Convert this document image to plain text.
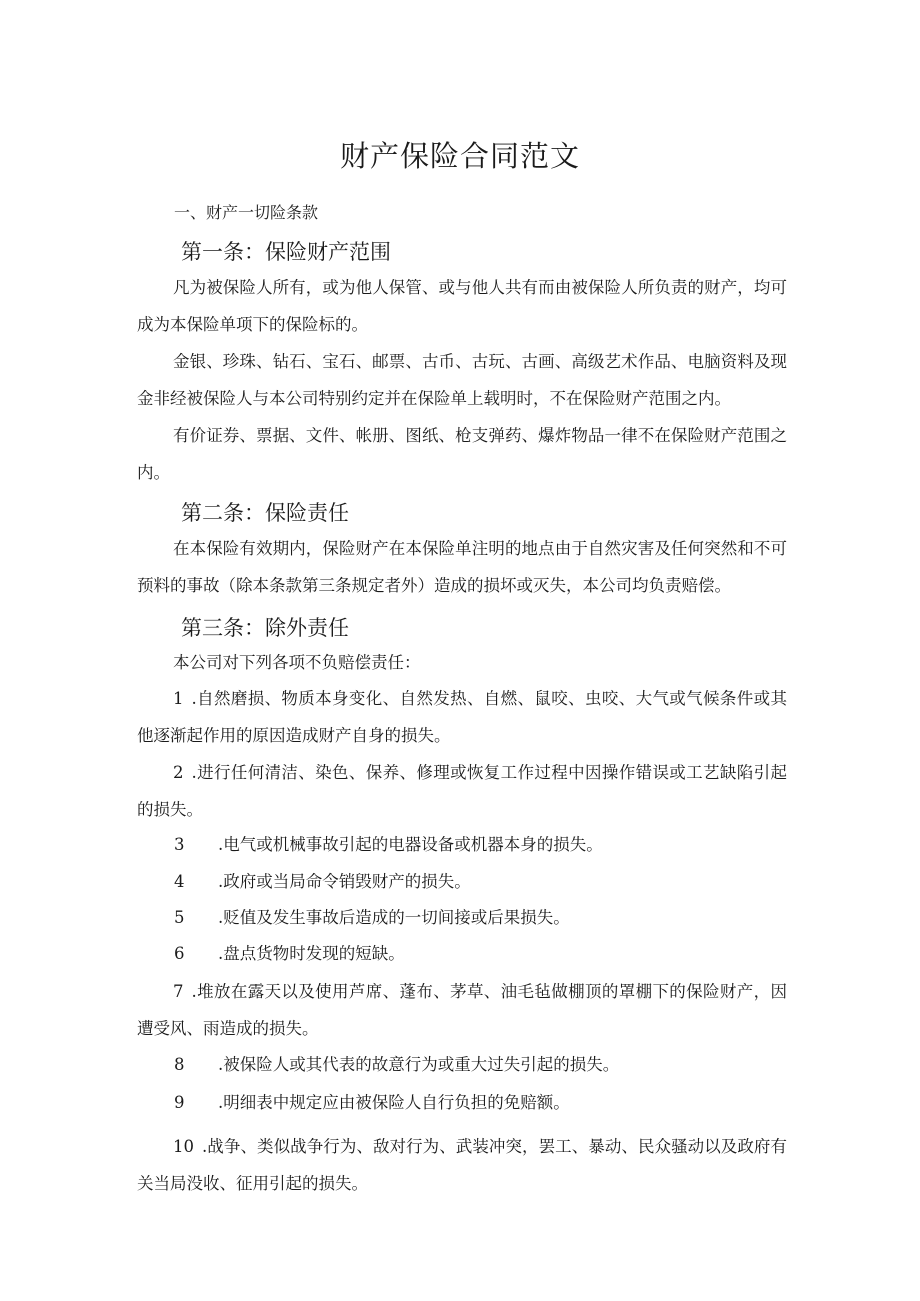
财产保险合同范文

一、财产一切险条款

第一条：保险财产范围

凡为被保险人所有，或为他人保管、或与他人共有而由被保险人所负责的财产，均可成为本保险单项下的保险标的。

金银、珍珠、钻石、宝石、邮票、古币、古玩、古画、高级艺术作品、电脑资料及现金非经被保险人与本公司特别约定并在保险单上载明时，不在保险财产范围之内。

有价证券、票据、文件、帐册、图纸、枪支弹药、爆炸物品一律不在保险财产范围之内。

第二条：保险责任

在本保险有效期内，保险财产在本保险单注明的地点由于自然灾害及任何突然和不可预料的事故（除本条款第三条规定者外）造成的损坏或灭失，本公司均负责赔偿。

第三条：除外责任

本公司对下列各项不负赔偿责任：

1 .自然磨损、物质本身变化、自然发热、自燃、鼠咬、虫咬、大气或气候条件或其他逐渐起作用的原因造成财产自身的损失。

2 .进行任何清洁、染色、保养、修理或恢复工作过程中因操作错误或工艺缺陷引起的损失。

3 .电气或机械事故引起的电器设备或机器本身的损失。

4 .政府或当局命令销毁财产的损失。

5 .贬值及发生事故后造成的一切间接或后果损失。

6 .盘点货物时发现的短缺。

7 .堆放在露天以及使用芦席、蓬布、茅草、油毛毡做棚顶的罩棚下的保险财产，因遭受风、雨造成的损失。

8 .被保险人或其代表的故意行为或重大过失引起的损失。

9 .明细表中规定应由被保险人自行负担的免赔额。

10 .战争、类似战争行为、敌对行为、武装冲突，罢工、暴动、民众骚动以及政府有关当局没收、征用引起的损失。
